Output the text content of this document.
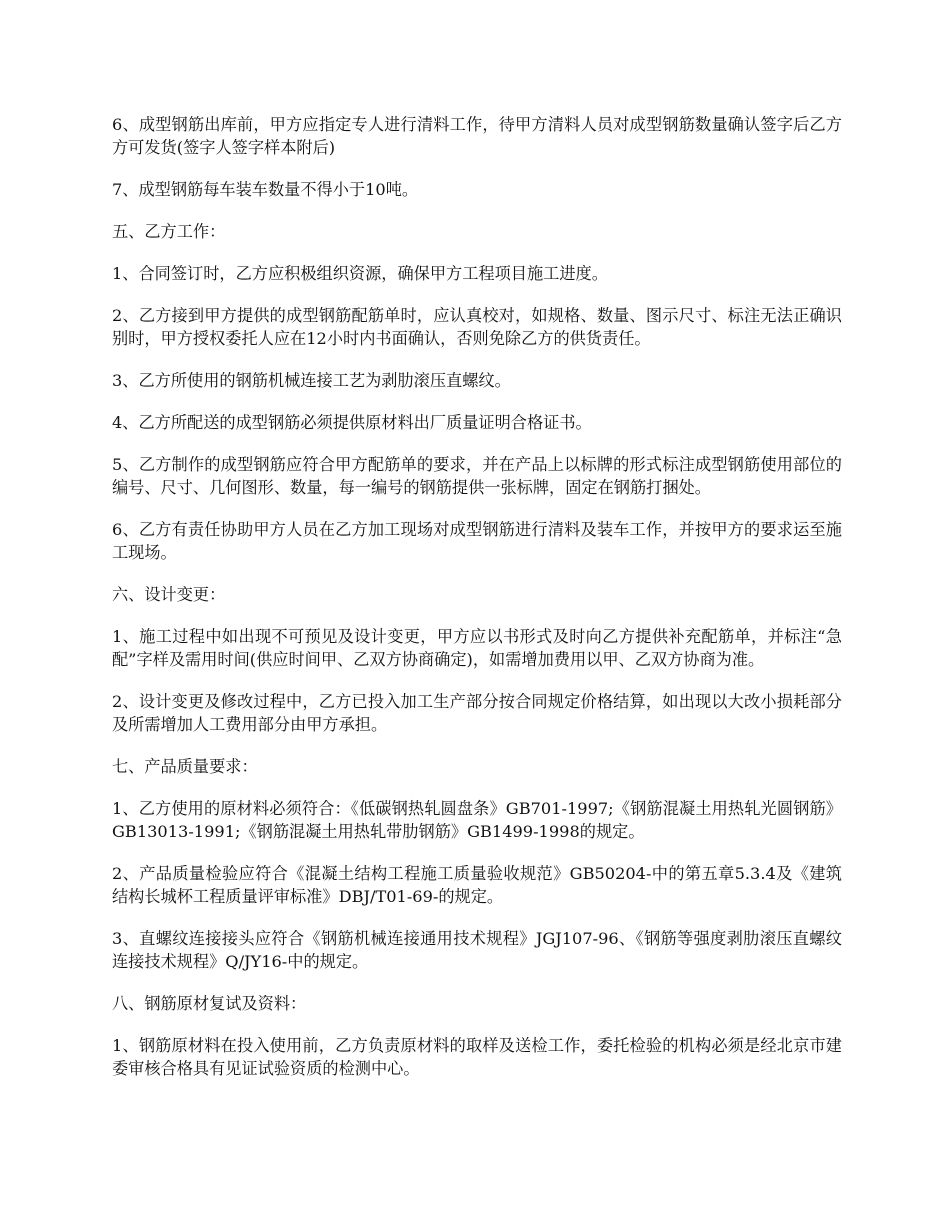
6、成型钢筋出库前，甲方应指定专人进行清料工作，待甲方清料人员对成型钢筋数量确认签字后乙方方可发货(签字人签字样本附后)

7、成型钢筋每车装车数量不得小于10吨。

五、乙方工作：

1、合同签订时，乙方应积极组织资源，确保甲方工程项目施工进度。

2、乙方接到甲方提供的成型钢筋配筋单时，应认真校对，如规格、数量、图示尺寸、标注无法正确识别时，甲方授权委托人应在12小时内书面确认，否则免除乙方的供货责任。

3、乙方所使用的钢筋机械连接工艺为剥肋滚压直螺纹。

4、乙方所配送的成型钢筋必须提供原材料出厂质量证明合格证书。

5、乙方制作的成型钢筋应符合甲方配筋单的要求，并在产品上以标牌的形式标注成型钢筋使用部位的编号、尺寸、几何图形、数量，每一编号的钢筋提供一张标牌，固定在钢筋打捆处。

6、乙方有责任协助甲方人员在乙方加工现场对成型钢筋进行清料及装车工作，并按甲方的要求运至施工现场。

六、设计变更：

1、施工过程中如出现不可预见及设计变更，甲方应以书形式及时向乙方提供补充配筋单，并标注“急配”字样及需用时间(供应时间甲、乙双方协商确定)，如需增加费用以甲、乙双方协商为准。

2、设计变更及修改过程中，乙方已投入加工生产部分按合同规定价格结算，如出现以大改小损耗部分及所需增加人工费用部分由甲方承担。

七、产品质量要求：

1、乙方使用的原材料必须符合：《低碳钢热轧圆盘条》GB701-1997;《钢筋混凝土用热轧光圆钢筋》GB13013-1991;《钢筋混凝土用热轧带肋钢筋》GB1499-1998的规定。

2、产品质量检验应符合《混凝土结构工程施工质量验收规范》GB50204-中的第五章5.3.4及《建筑结构长城杯工程质量评审标准》DBJ/T01-69-的规定。

3、直螺纹连接接头应符合《钢筋机械连接通用技术规程》JGJ107-96、《钢筋等强度剥肋滚压直螺纹连接技术规程》Q/JY16-中的规定。

八、钢筋原材复试及资料：

1、钢筋原材料在投入使用前，乙方负责原材料的取样及送检工作，委托检验的机构必须是经北京市建委审核合格具有见证试验资质的检测中心。
